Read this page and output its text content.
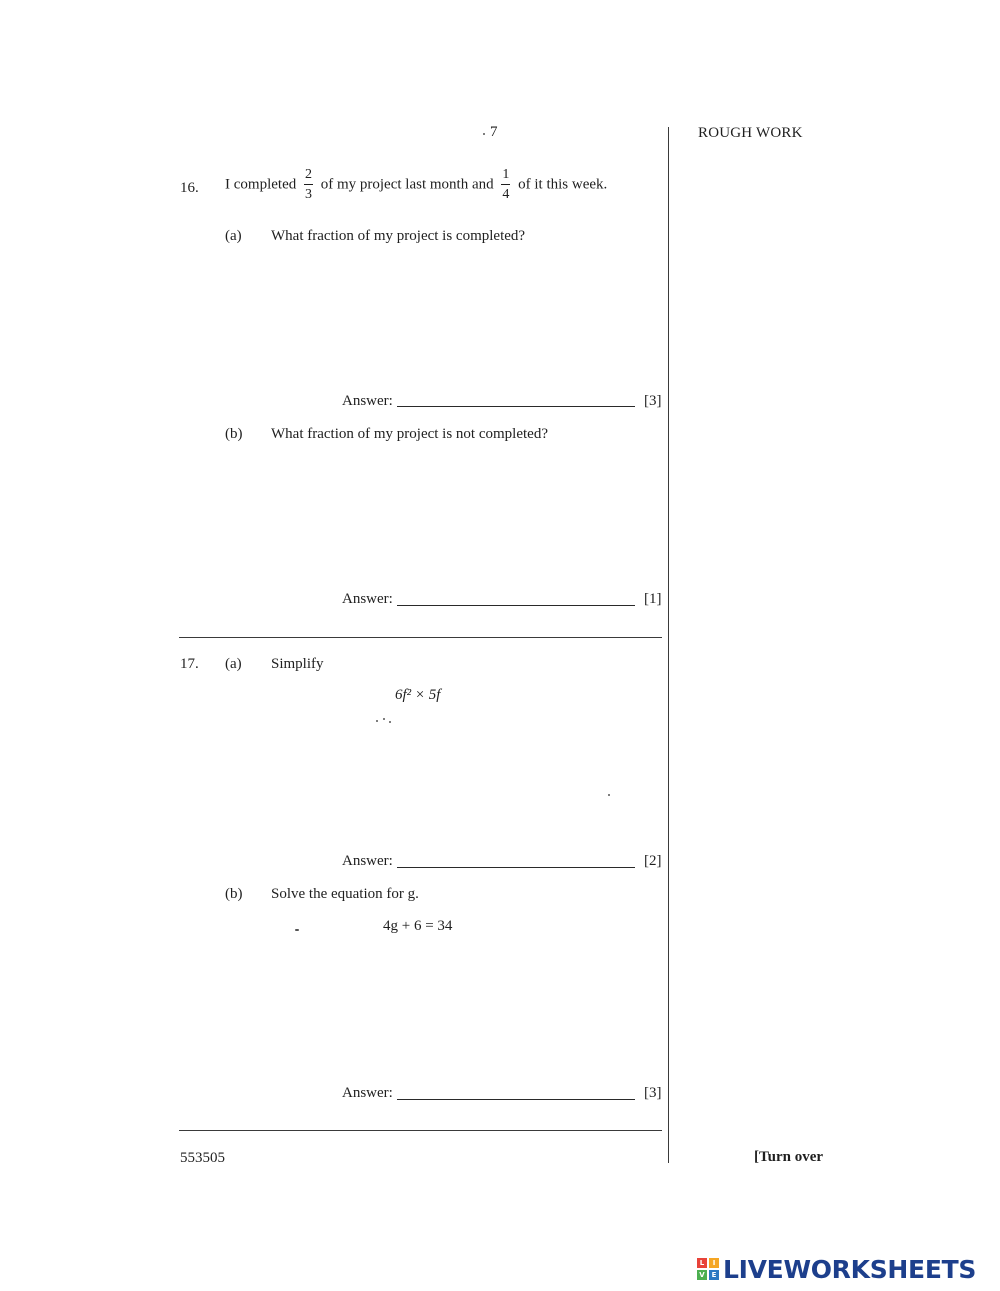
7	ROUGH WORK
16. I completed $\frac{2}{3}$ of my project last month and $\frac{1}{4}$ of it this week.
(a) What fraction of my project is completed?
Answer:	[3]
(b) What fraction of my project is not completed?
Answer:	[1]
17. (a) Simplify
6f² × 5f
Answer:	[2]
(b) Solve the equation for g.
4g + 6 = 34
Answer:	[3]
553505	[Turn over
L	I
V E LIVEWORKSHEETS
